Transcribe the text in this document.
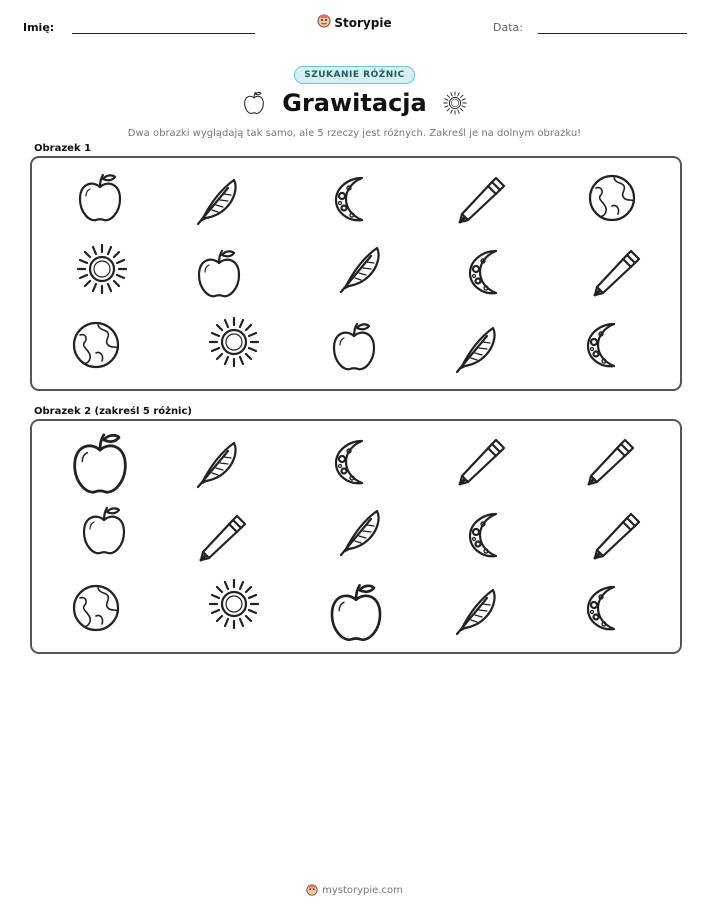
Imię:	Storypie	Data:
SZUKANIE RÓŻNIC
Grawitacja
Dwa obrazki wyglądają tak samo, ale 5 rzeczy jest różnych. Zakreśl je na dolnym obrazku!
Obrazek 1
Obrazek 2 (zakreśl 5 różnic)
mystorypie.com
